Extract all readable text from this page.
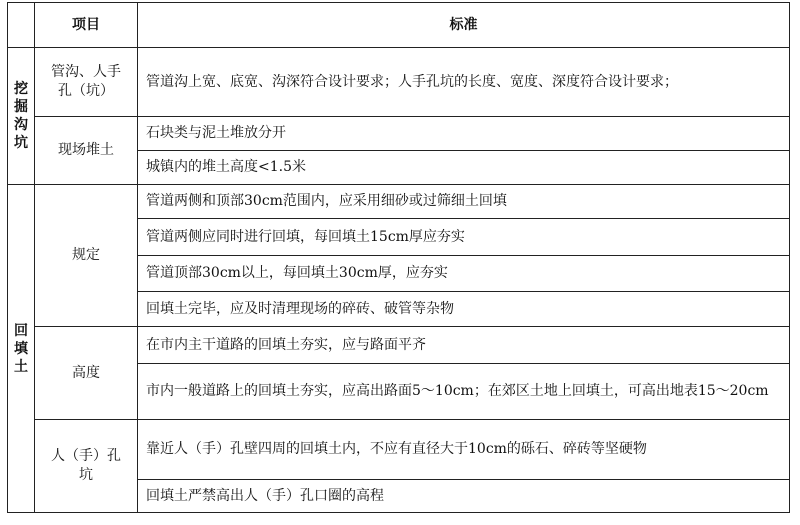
	项目	标准
挖掘沟坑	管沟、人手孔（坑）	管道沟上宽、底宽、沟深符合设计要求；人手孔坑的长度、宽度、深度符合设计要求；
	现场堆土	石块类与泥土堆放分开
		城镇内的堆土高度<1.5米
回填土	规定	管道两侧和顶部30cm范围内，应采用细砂或过筛细土回填
		管道两侧应同时进行回填，每回填土15cm厚应夯实
		管道顶部30cm以上，每回填土30cm厚，应夯实
		回填土完毕，应及时清理现场的碎砖、破管等杂物
	高度	在市内主干道路的回填土夯实，应与路面平齐
		市内一般道路上的回填土夯实，应高出路面5～10cm；在郊区土地上回填土，可高出地表15～20cm
	人（手）孔坑	靠近人（手）孔壁四周的回填土内，不应有直径大于10cm的砾石、碎砖等坚硬物
		回填土严禁高出人（手）孔口圈的高程
